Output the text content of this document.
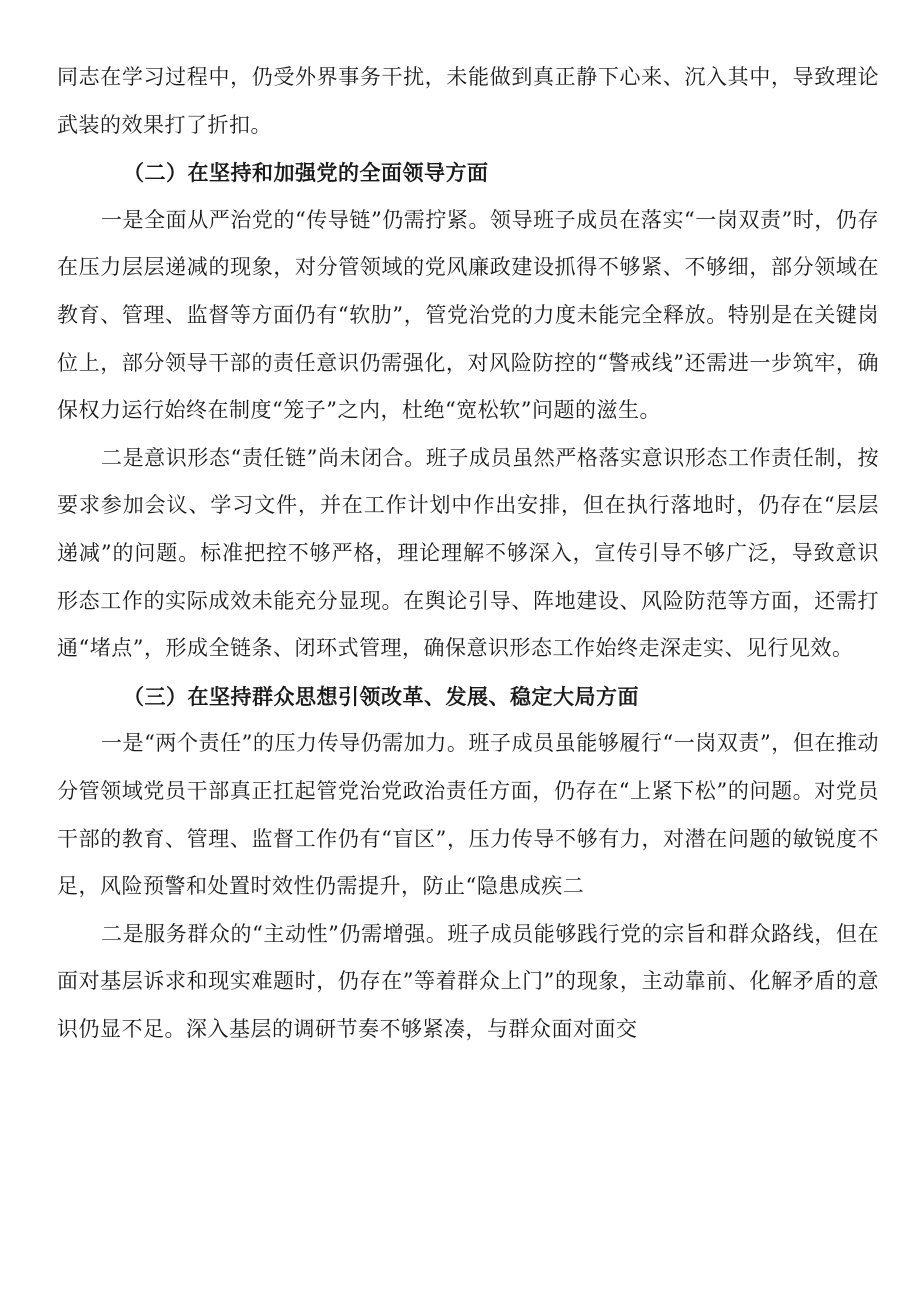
同志在学习过程中，仍受外界事务干扰，未能做到真正静下心来、沉入其中，导致理论武装的效果打了折扣。

（二）在坚持和加强党的全面领导方面

一是全面从严治党的“传导链”仍需拧紧。领导班子成员在落实“一岗双责”时，仍存在压力层层递减的现象，对分管领域的党风廉政建设抓得不够紧、不够细，部分领域在教育、管理、监督等方面仍有“软肋”，管党治党的力度未能完全释放。特别是在关键岗位上，部分领导干部的责任意识仍需强化，对风险防控的“警戒线”还需进一步筑牢，确保权力运行始终在制度“笼子”之内，杜绝“宽松软”问题的滋生。

二是意识形态“责任链”尚未闭合。班子成员虽然严格落实意识形态工作责任制，按要求参加会议、学习文件，并在工作计划中作出安排，但在执行落地时，仍存在“层层递减”的问题。标准把控不够严格，理论理解不够深入，宣传引导不够广泛，导致意识形态工作的实际成效未能充分显现。在舆论引导、阵地建设、风险防范等方面，还需打通“堵点”，形成全链条、闭环式管理，确保意识形态工作始终走深走实、见行见效。

（三）在坚持群众思想引领改革、发展、稳定大局方面

一是“两个责任”的压力传导仍需加力。班子成员虽能够履行“一岗双责”，但在推动分管领域党员干部真正扛起管党治党政治责任方面，仍存在“上紧下松”的问题。对党员干部的教育、管理、监督工作仍有“盲区”，压力传导不够有力，对潜在问题的敏锐度不足，风险预警和处置时效性仍需提升，防止“隐患成疾二

二是服务群众的“主动性”仍需增强。班子成员能够践行党的宗旨和群众路线，但在面对基层诉求和现实难题时，仍存在”等着群众上门”的现象，主动靠前、化解矛盾的意识仍显不足。深入基层的调研节奏不够紧凑，与群众面对面交
